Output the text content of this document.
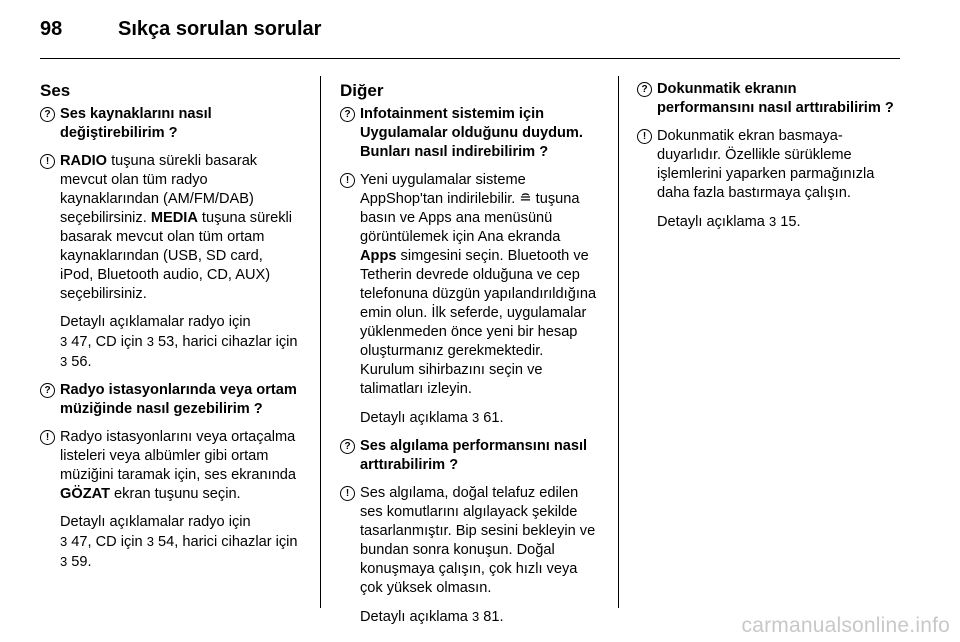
98	Sıkça sorulan sorular
Ses
? Ses kaynaklarını nasıl değiştirebilirim ?
! RADIO tuşuna sürekli basarak mevcut olan tüm radyo kaynaklarından (AM/FM/DAB) seçebilirsiniz. MEDIA tuşuna sürekli basarak mevcut olan tüm ortam kaynaklarından (USB, SD card, iPod, Bluetooth audio, CD, AUX) seçebilirsiniz.
Detaylı açıklamalar radyo için
3 47, CD için 3 53, harici cihazlar için 3 56.
? Radyo istasyonlarında veya ortam müziğinde nasıl gezebilirim ?
! Radyo istasyonlarını veya ortaçalma listeleri veya albümler gibi ortam müziğini taramak için, ses ekranında GÖZAT ekran tuşunu seçin.
Detaylı açıklamalar radyo için
3 47, CD için 3 54, harici cihazlar için 3 59.
Diğer
? Infotainment sistemim için Uygulamalar olduğunu duydum. Bunları nasıl indirebilirim ?
! Yeni uygulamalar sisteme AppShop'tan indirilebilir. ≘ tuşuna basın ve Apps ana menüsünü görüntülemek için Ana ekranda Apps simgesini seçin. Bluetooth ve Tetherin devrede olduğuna ve cep telefonuna düzgün yapılandırıldığına emin olun. İlk seferde, uygulamalar yüklenmeden önce yeni bir hesap oluşturmanız gerekmektedir. Kurulum sihirbazını seçin ve talimatları izleyin.
Detaylı açıklama 3 61.
? Ses algılama performansını nasıl arttırabilirim ?
! Ses algılama, doğal telafuz edilen ses komutlarını algılayack şekilde tasarlanmıştır. Bip sesini bekleyin ve bundan sonra konuşun. Doğal konuşmaya çalışın, çok hızlı veya çok yüksek olmasın.
Detaylı açıklama 3 81.
? Dokunmatik ekranın performansını nasıl arttırabilirim ?
! Dokunmatik ekran basmaya-duyarlıdır. Özellikle sürükleme işlemlerini yaparken parmağınızla daha fazla bastırmaya çalışın.
Detaylı açıklama 3 15.
carmanualsonline.info
